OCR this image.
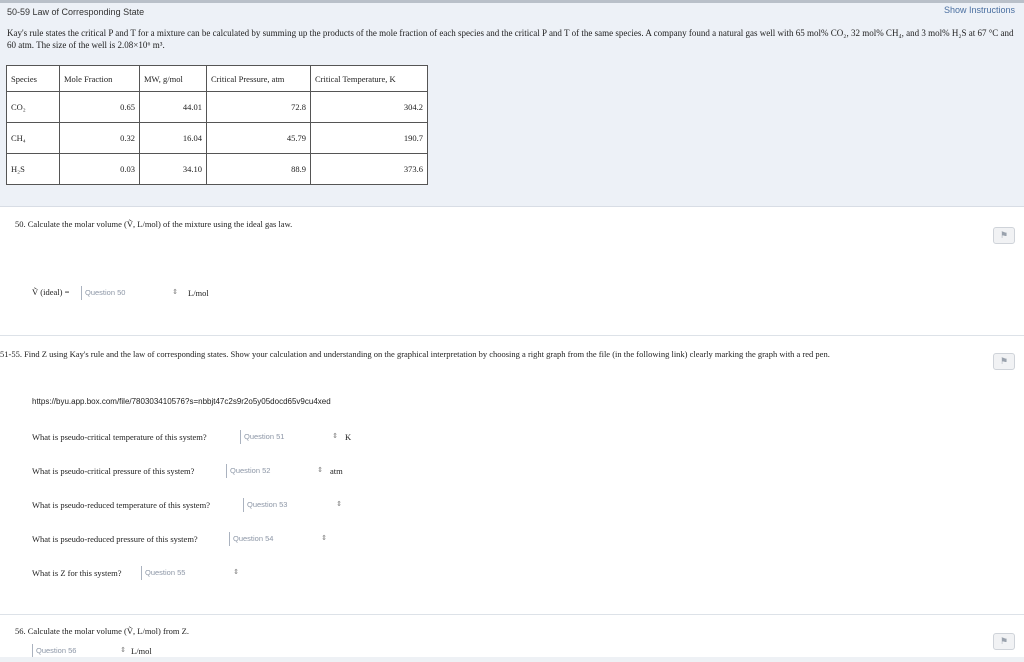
50-59 Law of Corresponding State	Show Instructions
Kay's rule states the critical P and T for a mixture can be calculated by summing up the products of the mole fraction of each species and the critical P and T of the same species. A company found a natural gas well with 65 mol% CO₂, 32 mol% CH₄, and 3 mol% H₂S at 67 °C and 60 atm. The size of the well is 2.08×10⁶ m³.
Species	Mole Fraction	MW, g/mol	Critical Pressure, atm	Critical Temperature, K
CO₂	0.65	44.01	72.8	304.2
CH₄	0.32	16.04	45.79	190.7
H₂S	0.03	34.10	88.9	373.6
50. Calculate the molar volume (Ṽ, L/mol) of the mixture using the ideal gas law.
⚑
Ṽ (ideal) =	Question 50	⇕ L/mol
51-55. Find Z using Kay's rule and the law of corresponding states. Show your calculation and understanding on the graphical interpretation by choosing a right graph from the file (in the following link) clearly marking the graph with a red pen.
⚑
https://byu.app.box.com/file/780303410576?s=nbbjt47c2s9r2o5y05docd65v9cu4xed
What is pseudo-critical temperature of this system?	Question 51	⇕ K
What is pseudo-critical pressure of this system?	Question 52	⇕ atm
What is pseudo-reduced temperature of this system?	Question 53	⇕
What is pseudo-reduced pressure of this system?	Question 54	⇕
What is Z for this system?	Question 55	⇕
56. Calculate the molar volume (Ṽ, L/mol) from Z.
⚑
Question 56	⇕ L/mol
